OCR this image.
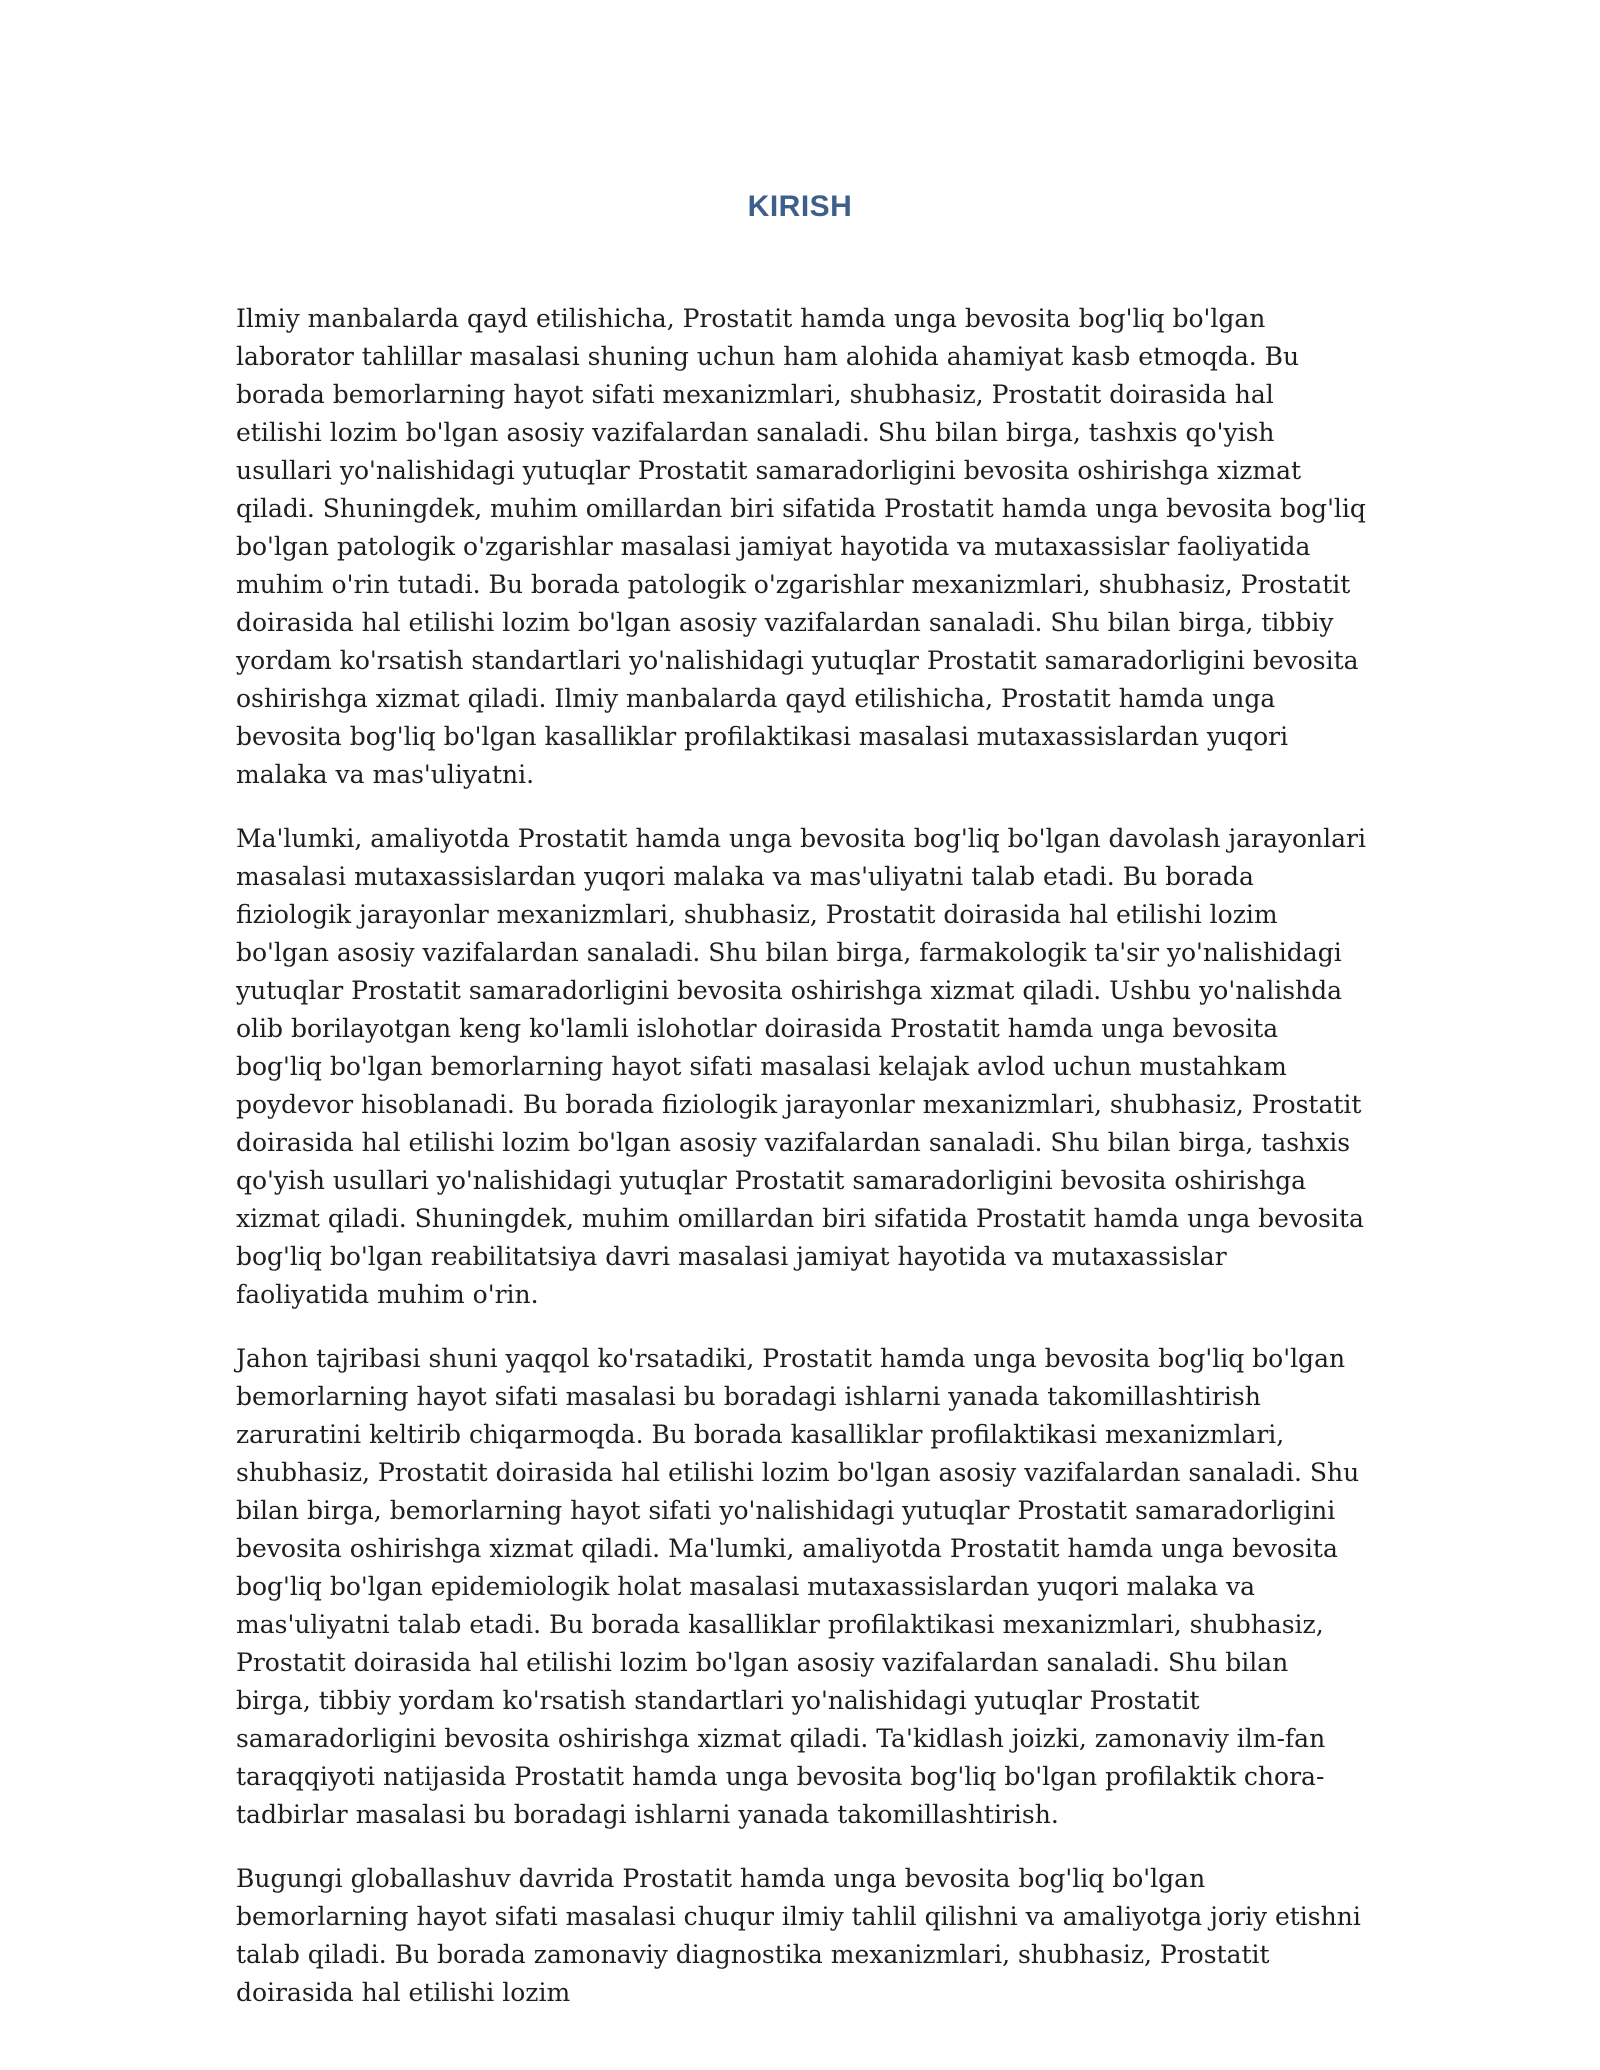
KIRISH

Ilmiy manbalarda qayd etilishicha, Prostatit hamda unga bevosita bog'liq bo'lgan laborator tahlillar masalasi shuning uchun ham alohida ahamiyat kasb etmoqda. Bu borada bemorlarning hayot sifati mexanizmlari, shubhasiz, Prostatit doirasida hal etilishi lozim bo'lgan asosiy vazifalardan sanaladi. Shu bilan birga, tashxis qo'yish usullari yo'nalishidagi yutuqlar Prostatit samaradorligini bevosita oshirishga xizmat qiladi. Shuningdek, muhim omillardan biri sifatida Prostatit hamda unga bevosita bog'liq bo'lgan patologik o'zgarishlar masalasi jamiyat hayotida va mutaxassislar faoliyatida muhim o'rin tutadi. Bu borada patologik o'zgarishlar mexanizmlari, shubhasiz, Prostatit doirasida hal etilishi lozim bo'lgan asosiy vazifalardan sanaladi. Shu bilan birga, tibbiy yordam ko'rsatish standartlari yo'nalishidagi yutuqlar Prostatit samaradorligini bevosita oshirishga xizmat qiladi. Ilmiy manbalarda qayd etilishicha, Prostatit hamda unga bevosita bog'liq bo'lgan kasalliklar profilaktikasi masalasi mutaxassislardan yuqori malaka va mas'uliyatni.

Ma'lumki, amaliyotda Prostatit hamda unga bevosita bog'liq bo'lgan davolash jarayonlari masalasi mutaxassislardan yuqori malaka va mas'uliyatni talab etadi. Bu borada fiziologik jarayonlar mexanizmlari, shubhasiz, Prostatit doirasida hal etilishi lozim bo'lgan asosiy vazifalardan sanaladi. Shu bilan birga, farmakologik ta'sir yo'nalishidagi yutuqlar Prostatit samaradorligini bevosita oshirishga xizmat qiladi. Ushbu yo'nalishda olib borilayotgan keng ko'lamli islohotlar doirasida Prostatit hamda unga bevosita bog'liq bo'lgan bemorlarning hayot sifati masalasi kelajak avlod uchun mustahkam poydevor hisoblanadi. Bu borada fiziologik jarayonlar mexanizmlari, shubhasiz, Prostatit doirasida hal etilishi lozim bo'lgan asosiy vazifalardan sanaladi. Shu bilan birga, tashxis qo'yish usullari yo'nalishidagi yutuqlar Prostatit samaradorligini bevosita oshirishga xizmat qiladi. Shuningdek, muhim omillardan biri sifatida Prostatit hamda unga bevosita bog'liq bo'lgan reabilitatsiya davri masalasi jamiyat hayotida va mutaxassislar faoliyatida muhim o'rin.

Jahon tajribasi shuni yaqqol ko'rsatadiki, Prostatit hamda unga bevosita bog'liq bo'lgan bemorlarning hayot sifati masalasi bu boradagi ishlarni yanada takomillashtirish zaruratini keltirib chiqarmoqda. Bu borada kasalliklar profilaktikasi mexanizmlari, shubhasiz, Prostatit doirasida hal etilishi lozim bo'lgan asosiy vazifalardan sanaladi. Shu bilan birga, bemorlarning hayot sifati yo'nalishidagi yutuqlar Prostatit samaradorligini bevosita oshirishga xizmat qiladi. Ma'lumki, amaliyotda Prostatit hamda unga bevosita bog'liq bo'lgan epidemiologik holat masalasi mutaxassislardan yuqori malaka va mas'uliyatni talab etadi. Bu borada kasalliklar profilaktikasi mexanizmlari, shubhasiz, Prostatit doirasida hal etilishi lozim bo'lgan asosiy vazifalardan sanaladi. Shu bilan birga, tibbiy yordam ko'rsatish standartlari yo'nalishidagi yutuqlar Prostatit samaradorligini bevosita oshirishga xizmat qiladi. Ta'kidlash joizki, zamonaviy ilm-fan taraqqiyoti natijasida Prostatit hamda unga bevosita bog'liq bo'lgan profilaktik chora-tadbirlar masalasi bu boradagi ishlarni yanada takomillashtirish.

Bugungi globallashuv davrida Prostatit hamda unga bevosita bog'liq bo'lgan bemorlarning hayot sifati masalasi chuqur ilmiy tahlil qilishni va amaliyotga joriy etishni talab qiladi. Bu borada zamonaviy diagnostika mexanizmlari, shubhasiz, Prostatit doirasida hal etilishi lozim
